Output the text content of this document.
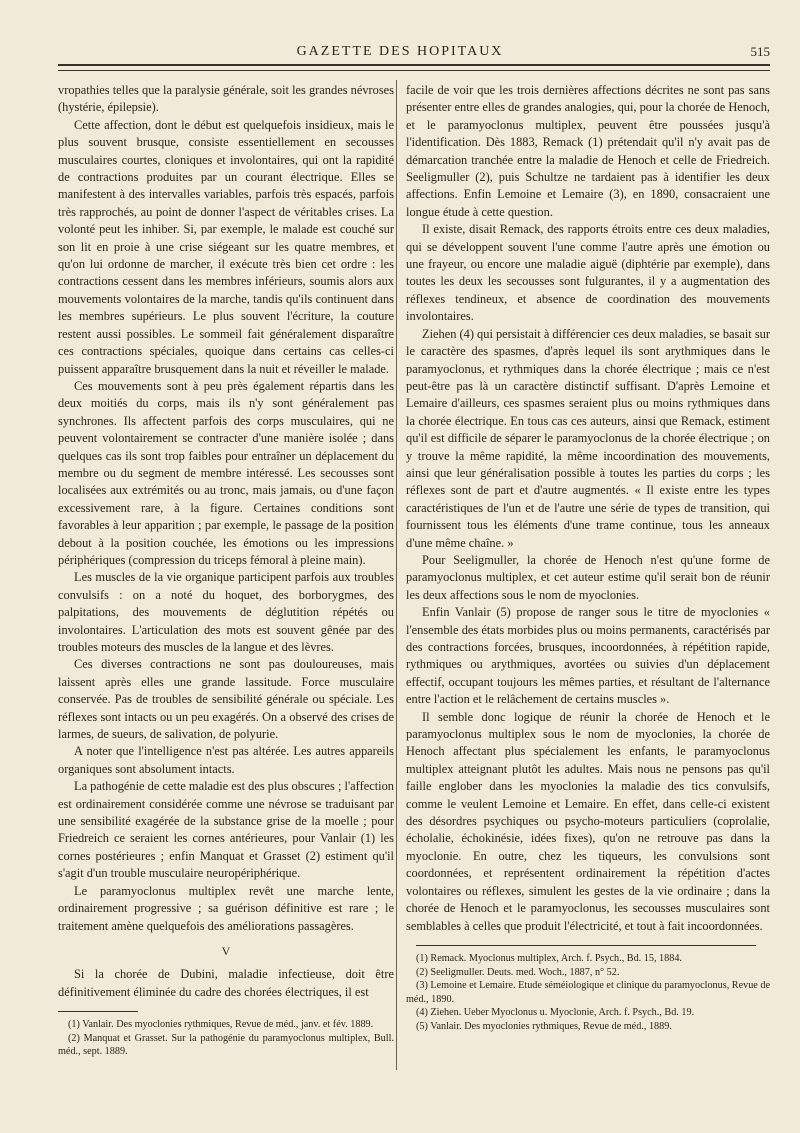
GAZETTE DES HOPITAUX	515

vropathies telles que la paralysie générale, soit les grandes névroses (hystérie, épilepsie).

Cette affection, dont le début est quelquefois insidieux, mais le plus souvent brusque, consiste essentiellement en secousses musculaires courtes, cloniques et involontaires, qui ont la rapidité de contractions produites par un courant électrique. Elles se manifestent à des intervalles variables, parfois très espacés, parfois très rapprochés, au point de donner l'aspect de véritables crises. La volonté peut les inhiber. Si, par exemple, le malade est couché sur son lit en proie à une crise siégeant sur les quatre membres, et qu'on lui ordonne de marcher, il exécute très bien cet ordre : les contractions cessent dans les membres inférieurs, soumis alors aux mouvements volontaires de la marche, tandis qu'ils continuent dans les membres supérieurs. Le plus souvent l'écriture, la couture restent aussi possibles. Le sommeil fait généralement disparaître ces contractions spéciales, quoique dans certains cas celles-ci puissent apparaître brusquement dans la nuit et réveiller le malade.

Ces mouvements sont à peu près également répartis dans les deux moitiés du corps, mais ils n'y sont généralement pas synchrones. Ils affectent parfois des corps musculaires, qui ne peuvent volontairement se contracter d'une manière isolée ; dans quelques cas ils sont trop faibles pour entraîner un déplacement du membre ou du segment de membre intéressé. Les secousses sont localisées aux extrémités ou au tronc, mais jamais, ou d'une façon excessivement rare, à la figure. Certaines conditions sont favorables à leur apparition ; par exemple, le passage de la position debout à la position couchée, les émotions ou les impressions périphériques (compression du triceps fémoral à pleine main).

Les muscles de la vie organique participent parfois aux troubles convulsifs : on a noté du hoquet, des borborygmes, des palpitations, des mouvements de déglutition répétés ou involontaires. L'articulation des mots est souvent gênée par des troubles moteurs des muscles de la langue et des lèvres.

Ces diverses contractions ne sont pas douloureuses, mais laissent après elles une grande lassitude. Force musculaire conservée. Pas de troubles de sensibilité générale ou spéciale. Les réflexes sont intacts ou un peu exagérés. On a observé des crises de larmes, de sueurs, de salivation, de polyurie.

A noter que l'intelligence n'est pas altérée. Les autres appareils organiques sont absolument intacts.

La pathogénie de cette maladie est des plus obscures ; l'affection est ordinairement considérée comme une névrose se traduisant par une sensibilité exagérée de la substance grise de la moelle ; pour Friedreich ce seraient les cornes antérieures, pour Vanlair (1) les cornes postérieures ; enfin Manquat et Grasset (2) estiment qu'il s'agit d'un trouble musculaire neuropériphérique.

Le paramyoclonus multiplex revêt une marche lente, ordinairement progressive ; sa guérison définitive est rare ; le traitement amène quelquefois des améliorations passagères.

V

Si la chorée de Dubini, maladie infectieuse, doit être définitivement éliminée du cadre des chorées électriques, il est

(1) Vanlair. Des myoclonies rythmiques, Revue de méd., janv. et fév. 1889.

(2) Manquat et Grasset. Sur la pathogénie du paramyoclonus multiplex, Bull. méd., sept. 1889.

facile de voir que les trois dernières affections décrites ne sont pas sans présenter entre elles de grandes analogies, qui, pour la chorée de Henoch, et le paramyoclonus multiplex, peuvent être poussées jusqu'à l'identification. Dès 1883, Remack (1) prétendait qu'il n'y avait pas de démarcation tranchée entre la maladie de Henoch et celle de Friedreich. Seeligmuller (2), puis Schultze ne tardaient pas à identifier les deux affections. Enfin Lemoine et Lemaire (3), en 1890, consacraient une longue étude à cette question.

Il existe, disait Remack, des rapports étroits entre ces deux maladies, qui se développent souvent l'une comme l'autre après une émotion ou une frayeur, ou encore une maladie aiguë (diphtérie par exemple), dans toutes les deux les secousses sont fulgurantes, il y a augmentation des réflexes tendineux, et absence de coordination des mouvements involontaires.

Ziehen (4) qui persistait à différencier ces deux maladies, se basait sur le caractère des spasmes, d'après lequel ils sont arythmiques dans le paramyoclonus, et rythmiques dans la chorée électrique ; mais ce n'est peut-être pas là un caractère distinctif suffisant. D'après Lemoine et Lemaire d'ailleurs, ces spasmes seraient plus ou moins rythmiques dans la chorée électrique. En tous cas ces auteurs, ainsi que Remack, estiment qu'il est difficile de séparer le paramyoclonus de la chorée électrique ; on y trouve la même rapidité, la même incoordination des mouvements, ainsi que leur généralisation possible à toutes les parties du corps ; les réflexes sont de part et d'autre augmentés. « Il existe entre les types caractéristiques de l'un et de l'autre une série de types de transition, qui fournissent tous les éléments d'une trame continue, tous les anneaux d'une même chaîne. »

Pour Seeligmuller, la chorée de Henoch n'est qu'une forme de paramyoclonus multiplex, et cet auteur estime qu'il serait bon de réunir les deux affections sous le nom de myoclonies.

Enfin Vanlair (5) propose de ranger sous le titre de myoclonies « l'ensemble des états morbides plus ou moins permanents, caractérisés par des contractions forcées, brusques, incoordonnées, à répétition rapide, rythmiques ou arythmiques, avortées ou suivies d'un déplacement effectif, occupant toujours les mêmes parties, et résultant de l'alternance entre l'action et le relâchement de certains muscles ».

Il semble donc logique de réunir la chorée de Henoch et le paramyoclonus multiplex sous le nom de myoclonies, la chorée de Henoch affectant plus spécialement les enfants, le paramyoclonus multiplex atteignant plutôt les adultes. Mais nous ne pensons pas qu'il faille englober dans les myoclonies la maladie des tics convulsifs, comme le veulent Lemoine et Lemaire. En effet, dans celle-ci existent des désordres psychiques ou psycho-moteurs particuliers (coprolalie, écholalie, échokinésie, idées fixes), qu'on ne retrouve pas dans la myoclonie. En outre, chez les tiqueurs, les convulsions sont coordonnées, et représentent ordinairement la répétition d'actes volontaires ou réflexes, simulent les gestes de la vie ordinaire ; dans la chorée de Henoch et le paramyoclonus, les secousses musculaires sont semblables à celles que produit l'électricité, et tout à fait incoordonnées.

(1) Remack. Myoclonus multiplex, Arch. f. Psych., Bd. 15, 1884.

(2) Seeligmuller. Deuts. med. Woch., 1887, n° 52.

(3) Lemoine et Lemaire. Etude séméiologique et clinique du paramyoclonus, Revue de méd., 1890.

(4) Ziehen. Ueber Myoclonus u. Myoclonie, Arch. f. Psych., Bd. 19.

(5) Vanlair. Des myoclonies rythmiques, Revue de méd., 1889.
